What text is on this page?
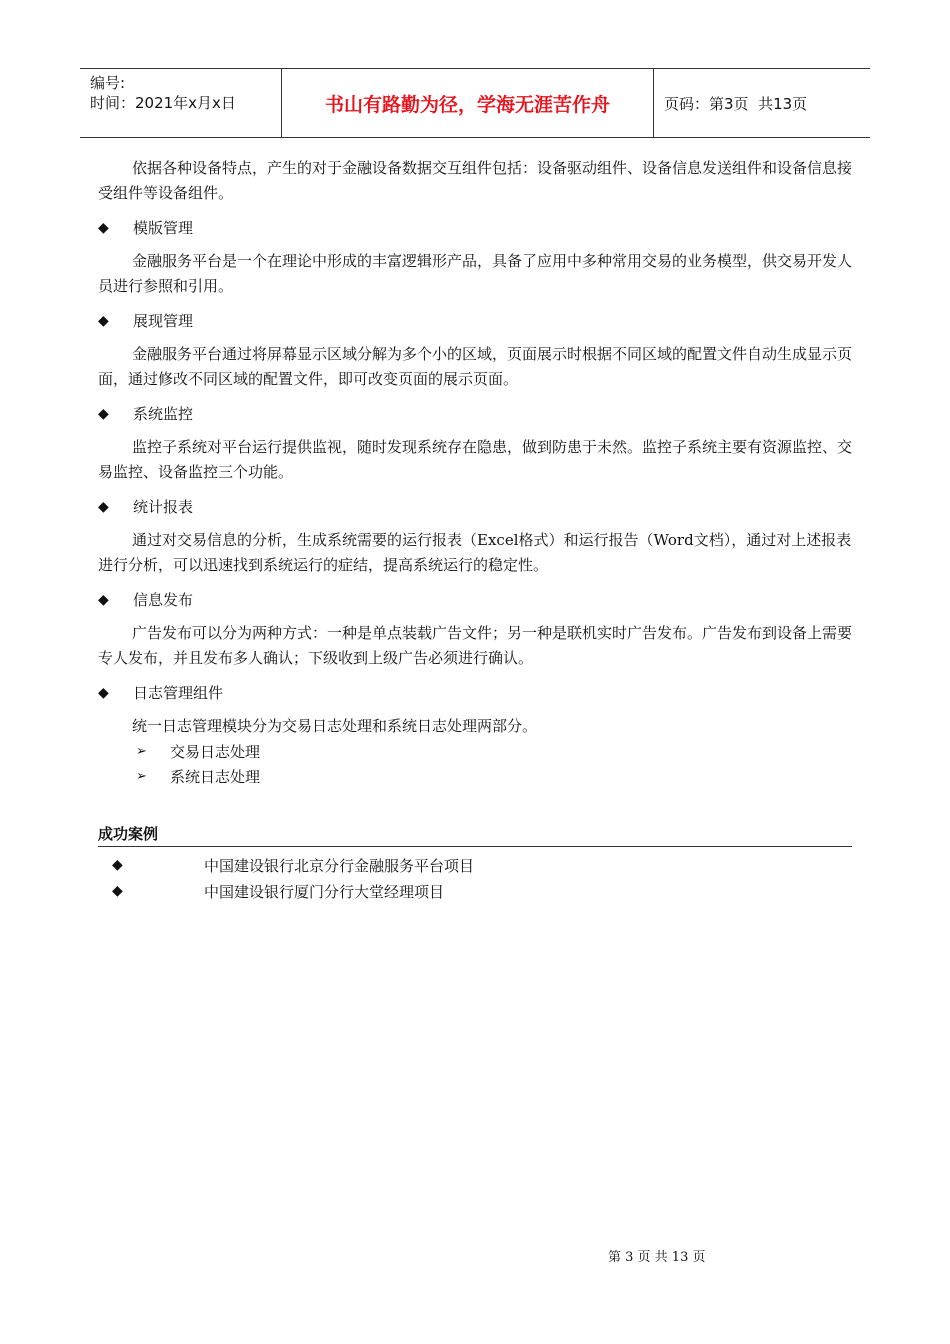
编号:
时间：2021年x月x日	书山有路勤为径，学海无涯苦作舟	页码：第3页  共13页

依据各种设备特点，产生的对于金融设备数据交互组件包括：设备驱动组件、设备信息发送组件和设备信息接受组件等设备组件。

◆	模版管理

金融服务平台是一个在理论中形成的丰富逻辑形产品，具备了应用中多种常用交易的业务模型，供交易开发人员进行参照和引用。

◆	展现管理

金融服务平台通过将屏幕显示区域分解为多个小的区域，页面展示时根据不同区域的配置文件自动生成显示页面，通过修改不同区域的配置文件，即可改变页面的展示页面。

◆	系统监控

监控子系统对平台运行提供监视，随时发现系统存在隐患，做到防患于未然。监控子系统主要有资源监控、交易监控、设备监控三个功能。

◆	统计报表

通过对交易信息的分析，生成系统需要的运行报表（Excel格式）和运行报告（Word文档），通过对上述报表进行分析，可以迅速找到系统运行的症结，提高系统运行的稳定性。

◆	信息发布

广告发布可以分为两种方式：一种是单点装载广告文件；另一种是联机实时广告发布。广告发布到设备上需要专人发布，并且发布多人确认；下级收到上级广告必须进行确认。

◆	日志管理组件

统一日志管理模块分为交易日志处理和系统日志处理两部分。

➢	交易日志处理
➢	系统日志处理
成功案例
◆	中国建设银行北京分行金融服务平台项目
◆	中国建设银行厦门分行大堂经理项目
第 3 页 共 13 页
